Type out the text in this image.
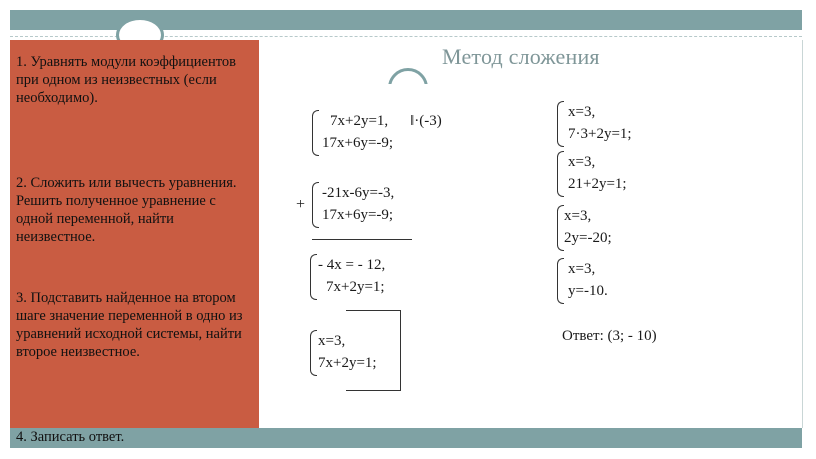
1. Уравнять модули коэффициентов при одном из неизвестных (если необходимо).
2. Сложить или вычесть уравнения. Решить полученное уравнение с одной переменной, найти неизвестное.
3. Подставить найденное на втором шаге значение переменной в одно из уравнений исходной системы, найти второе неизвестное.
4. Записать ответ.
Метод сложения
7x+2y=1,
17x+6y=-9;
‖·(-3)
+
-21x-6y=-3,
17x+6y=-9;
- 4x = - 12,
7x+2y=1;
x=3,
7x+2y=1;
x=3,
7·3+2y=1;
x=3,
21+2y=1;
x=3,
2y=-20;
x=3,
y=-10.
Ответ: (3; - 10)
